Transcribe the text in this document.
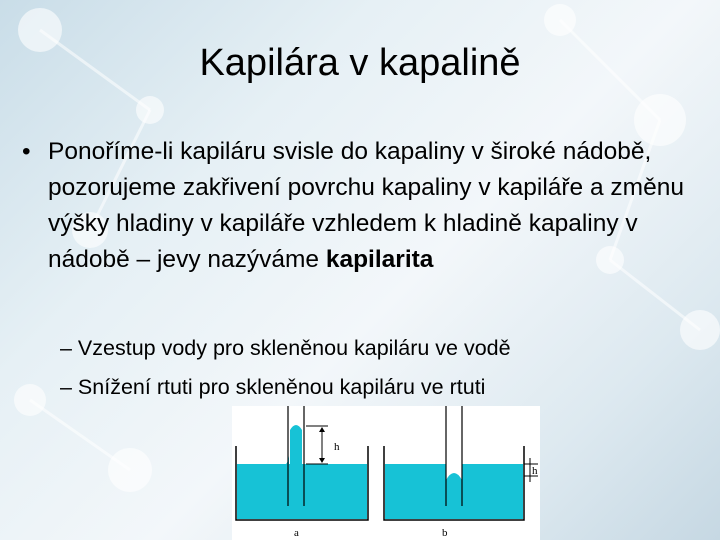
Kapilára v kapalině
• Ponoříme-li kapiláru svisle do kapaliny v široké nádobě, pozorujeme zakřivení povrchu kapaliny v kapiláře a změnu výšky hladiny v kapiláře vzhledem k hladině kapaliny v nádobě – jevy nazýváme kapilarita
– Vzestup vody pro skleněnou kapiláru ve vodě
– Snížení rtuti pro skleněnou kapiláru ve rtuti
h
a
h
b
